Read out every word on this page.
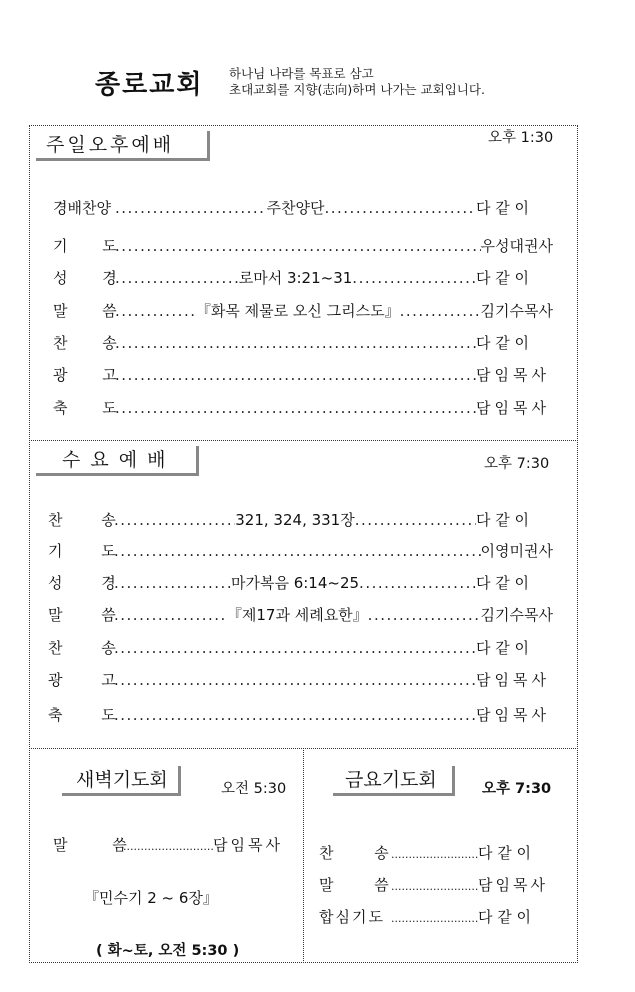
종로교회 하나님 나라를 목표로 삼고
초대교회를 지향(志向)하며 나가는 교회입니다.
주일오후예배	오후 1:30
경배찬양 .....	주찬양단 .....	다 같 이
기 도 .....	우성대권사
성 경 .....	로마서 3:21~31 .....	다 같 이
말 씀 .....	『화목 제물로 오신 그리스도』 .....	김기수목사
찬 송 .....	다 같 이
광 고 .....	담임목사
축 도 .....	담임목사
수 요 예 배	오후 7:30
찬 송 .....	321, 324, 331장 .....	다 같 이
기 도 .....	이영미권사
성 경 .....	마가복음 6:14~25 .....	다 같 이
말 씀 .....	『제17과 세례요한』 .....	김기수목사
찬 송 .....	다 같 이
광 고 .....	담임목사
축 도 .....	담임목사
새벽기도회	오전 5:30
말 씀 .....	담임목사
『민수기 2 ~ 6장』
( 화~토, 오전 5:30 )
금요기도회	오후 7:30
찬 송 .....	다 같 이
말 씀 .....	담임목사
합심기도 .....	다 같 이
